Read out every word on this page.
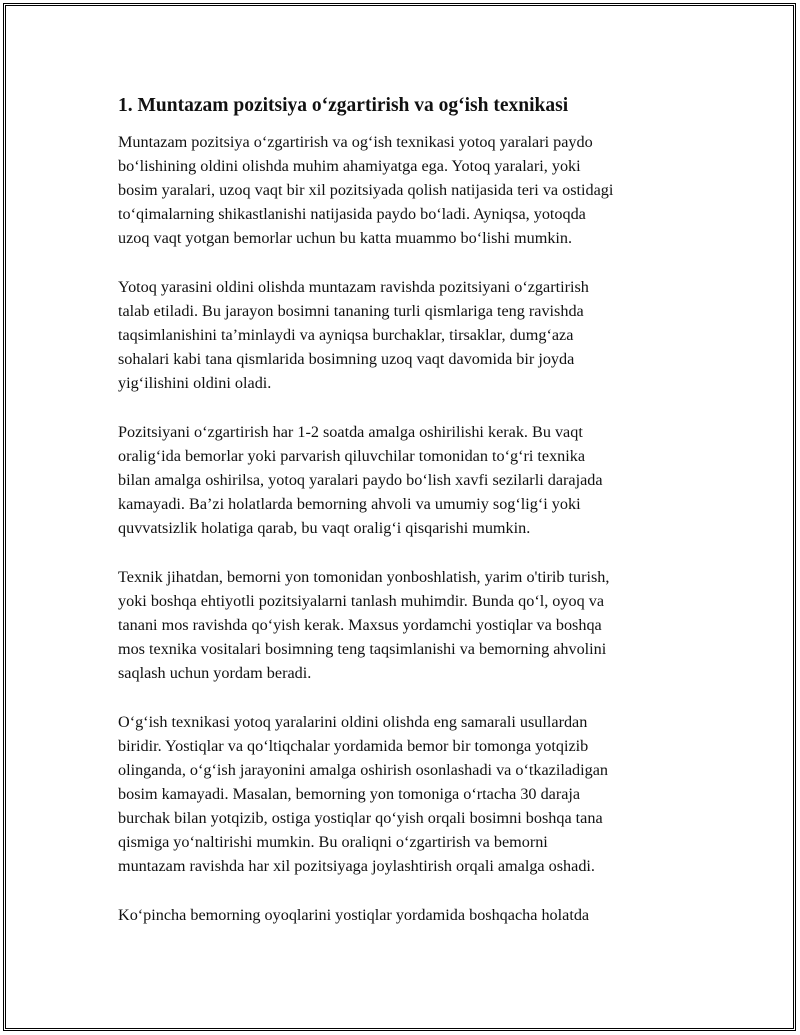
1. Muntazam pozitsiya o‘zgartirish va og‘ish texnikasi

Muntazam pozitsiya o‘zgartirish va og‘ish texnikasi yotoq yaralari paydo
bo‘lishining oldini olishda muhim ahamiyatga ega. Yotoq yaralari, yoki
bosim yaralari, uzoq vaqt bir xil pozitsiyada qolish natijasida teri va ostidagi
to‘qimalarning shikastlanishi natijasida paydo bo‘ladi. Ayniqsa, yotoqda
uzoq vaqt yotgan bemorlar uchun bu katta muammo bo‘lishi mumkin.

Yotoq yarasini oldini olishda muntazam ravishda pozitsiyani o‘zgartirish
talab etiladi. Bu jarayon bosimni tananing turli qismlariga teng ravishda
taqsimlanishini ta’minlaydi va ayniqsa burchaklar, tirsaklar, dumg‘aza
sohalari kabi tana qismlarida bosimning uzoq vaqt davomida bir joyda
yig‘ilishini oldini oladi.

Pozitsiyani o‘zgartirish har 1-2 soatda amalga oshirilishi kerak. Bu vaqt
oralig‘ida bemorlar yoki parvarish qiluvchilar tomonidan to‘g‘ri texnika
bilan amalga oshirilsa, yotoq yaralari paydo bo‘lish xavfi sezilarli darajada
kamayadi. Ba’zi holatlarda bemorning ahvoli va umumiy sog‘lig‘i yoki
quvvatsizlik holatiga qarab, bu vaqt oralig‘i qisqarishi mumkin.

Texnik jihatdan, bemorni yon tomonidan yonboshlatish, yarim o'tirib turish,
yoki boshqa ehtiyotli pozitsiyalarni tanlash muhimdir. Bunda qo‘l, oyoq va
tanani mos ravishda qo‘yish kerak. Maxsus yordamchi yostiqlar va boshqa
mos texnika vositalari bosimning teng taqsimlanishi va bemorning ahvolini
saqlash uchun yordam beradi.

O‘g‘ish texnikasi yotoq yaralarini oldini olishda eng samarali usullardan
biridir. Yostiqlar va qo‘ltiqchalar yordamida bemor bir tomonga yotqizib
olinganda, o‘g‘ish jarayonini amalga oshirish osonlashadi va o‘tkaziladigan
bosim kamayadi. Masalan, bemorning yon tomoniga o‘rtacha 30 daraja
burchak bilan yotqizib, ostiga yostiqlar qo‘yish orqali bosimni boshqa tana
qismiga yo‘naltirishi mumkin. Bu oraliqni o‘zgartirish va bemorni
muntazam ravishda har xil pozitsiyaga joylashtirish orqali amalga oshadi.

Ko‘pincha bemorning oyoqlarini yostiqlar yordamida boshqacha holatda
